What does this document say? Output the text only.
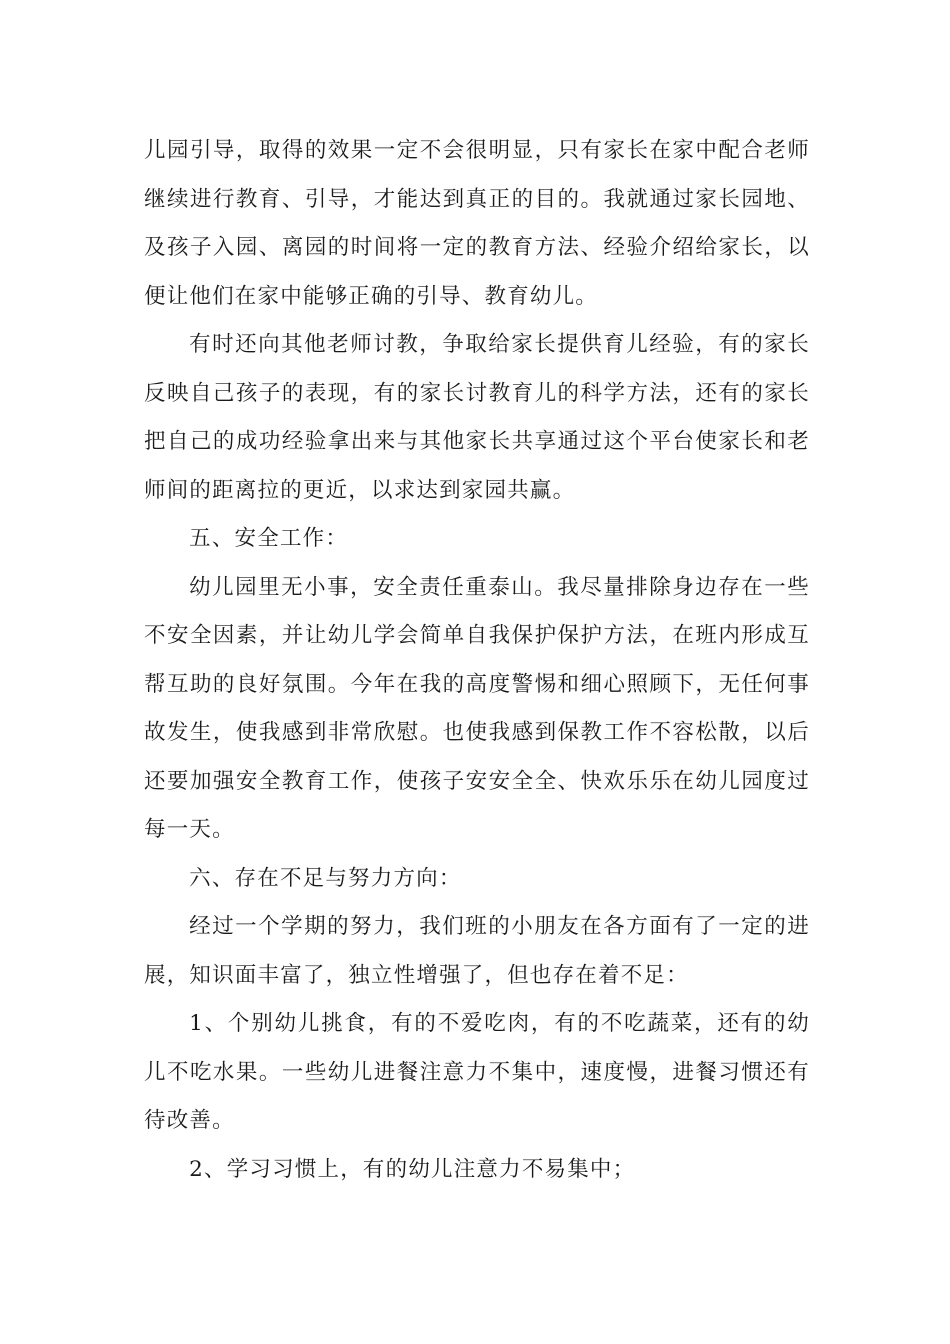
儿园引导，取得的效果一定不会很明显，只有家长在家中配合老师继续进行教育、引导，才能达到真正的目的。我就通过家长园地、及孩子入园、离园的时间将一定的教育方法、经验介绍给家长，以便让他们在家中能够正确的引导、教育幼儿。

有时还向其他老师讨教，争取给家长提供育儿经验，有的家长反映自己孩子的表现，有的家长讨教育儿的科学方法，还有的家长把自己的成功经验拿出来与其他家长共享通过这个平台使家长和老师间的距离拉的更近，以求达到家园共赢。

五、安全工作：

幼儿园里无小事，安全责任重泰山。我尽量排除身边存在一些不安全因素，并让幼儿学会简单自我保护保护方法，在班内形成互帮互助的良好氛围。今年在我的高度警惕和细心照顾下，无任何事故发生，使我感到非常欣慰。也使我感到保教工作不容松散，以后还要加强安全教育工作，使孩子安安全全、快欢乐乐在幼儿园度过每一天。

六、存在不足与努力方向：

经过一个学期的努力，我们班的小朋友在各方面有了一定的进展，知识面丰富了，独立性增强了，但也存在着不足：

1、个别幼儿挑食，有的不爱吃肉，有的不吃蔬菜，还有的幼儿不吃水果。一些幼儿进餐注意力不集中，速度慢，进餐习惯还有待改善。

2、学习习惯上，有的幼儿注意力不易集中；
